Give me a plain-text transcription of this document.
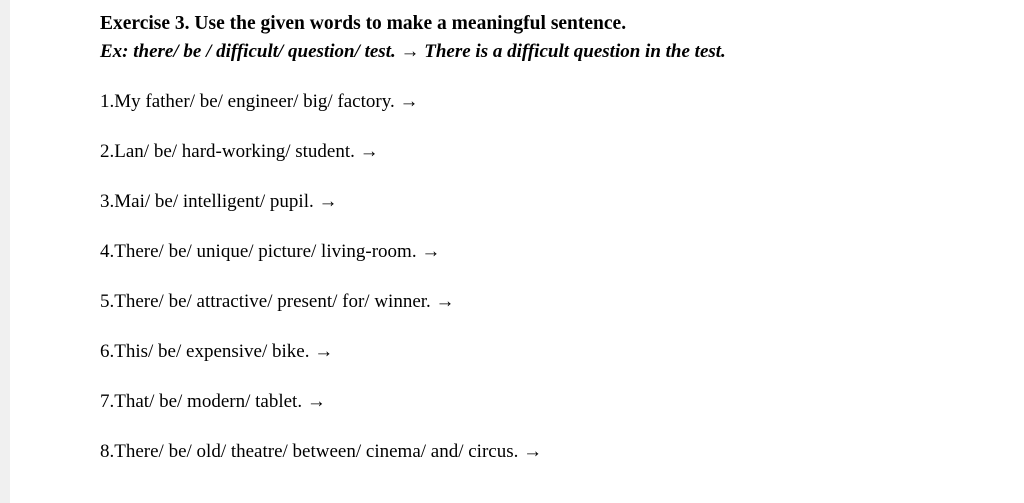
Exercise 3. Use the given words to make a meaningful sentence.
Ex: there/ be / difficult/ question/ test. → There is a difficult question in the test.
1.My father/ be/ engineer/ big/ factory. →
2.Lan/ be/ hard-working/ student. →
3.Mai/ be/ intelligent/ pupil. →
4.There/ be/ unique/ picture/ living-room. →
5.There/ be/ attractive/ present/ for/ winner. →
6.This/ be/ expensive/ bike. →
7.That/ be/ modern/ tablet. →
8.There/ be/ old/ theatre/ between/ cinema/ and/ circus. →
